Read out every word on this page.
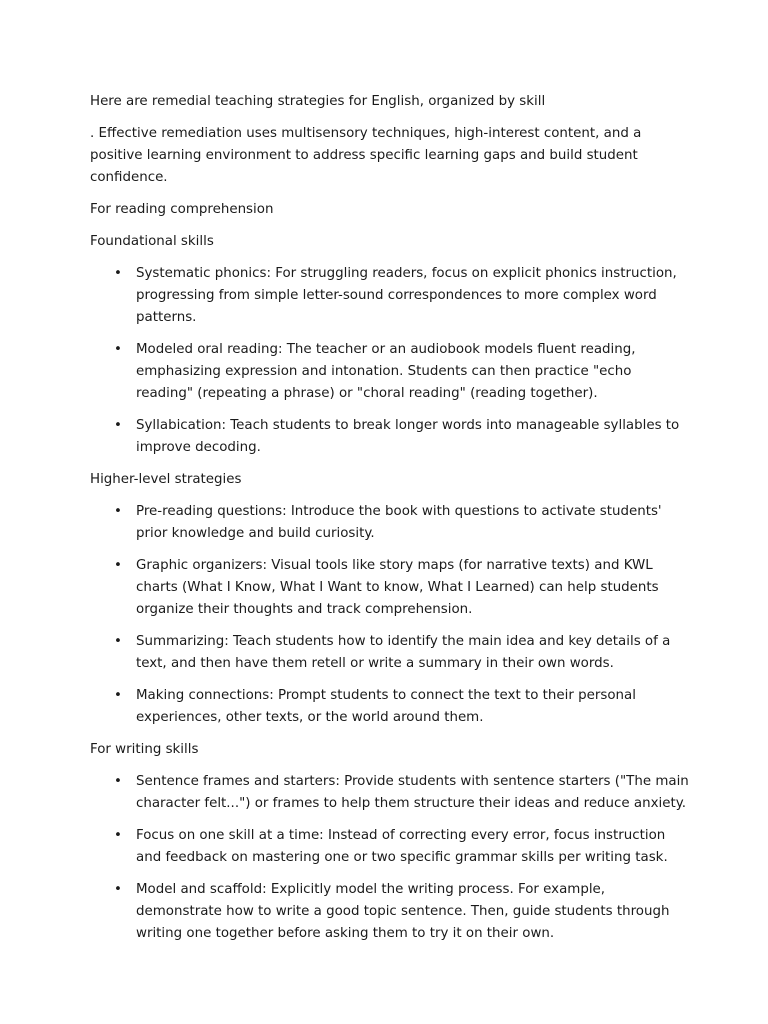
Here are remedial teaching strategies for English, organized by skill

. Effective remediation uses multisensory techniques, high-interest content, and a positive learning environment to address specific learning gaps and build student confidence.

For reading comprehension

Foundational skills

• Systematic phonics: For struggling readers, focus on explicit phonics instruction, progressing from simple letter-sound correspondences to more complex word patterns.
• Modeled oral reading: The teacher or an audiobook models fluent reading, emphasizing expression and intonation. Students can then practice "echo reading" (repeating a phrase) or "choral reading" (reading together).
• Syllabication: Teach students to break longer words into manageable syllables to improve decoding.

Higher-level strategies

• Pre-reading questions: Introduce the book with questions to activate students' prior knowledge and build curiosity.
• Graphic organizers: Visual tools like story maps (for narrative texts) and KWL charts (What I Know, What I Want to know, What I Learned) can help students organize their thoughts and track comprehension.
• Summarizing: Teach students how to identify the main idea and key details of a text, and then have them retell or write a summary in their own words.
• Making connections: Prompt students to connect the text to their personal experiences, other texts, or the world around them.

For writing skills

• Sentence frames and starters: Provide students with sentence starters ("The main character felt...") or frames to help them structure their ideas and reduce anxiety.
• Focus on one skill at a time: Instead of correcting every error, focus instruction and feedback on mastering one or two specific grammar skills per writing task.
• Model and scaffold: Explicitly model the writing process. For example, demonstrate how to write a good topic sentence. Then, guide students through writing one together before asking them to try it on their own.
